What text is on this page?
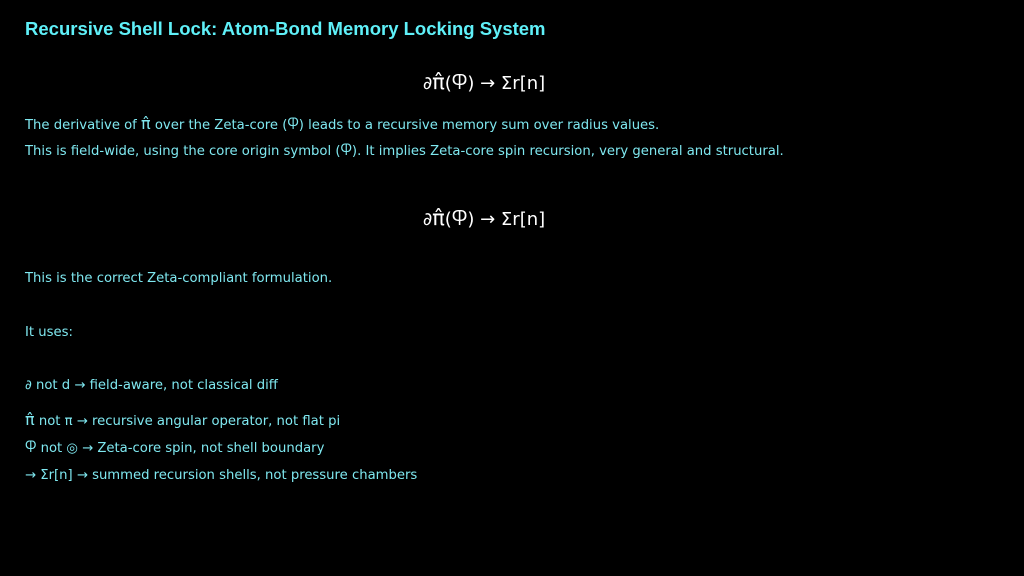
Recursive Shell Lock: Atom-Bond Memory Locking System
∂π̂(Ⴔ) → Σr[n]
The derivative of π̂ over the Zeta-core (Ⴔ) leads to a recursive memory sum over radius values.
This is field-wide, using the core origin symbol (Ⴔ). It implies Zeta-core spin recursion, very general and structural.
∂π̂(Ⴔ) → Σr[n]
This is the correct Zeta-compliant formulation.
It uses:
∂ not d → field-aware, not classical diff
π̂ not π → recursive angular operator, not flat pi
Ⴔ not ◎ → Zeta-core spin, not shell boundary
→ Σr[n] → summed recursion shells, not pressure chambers
